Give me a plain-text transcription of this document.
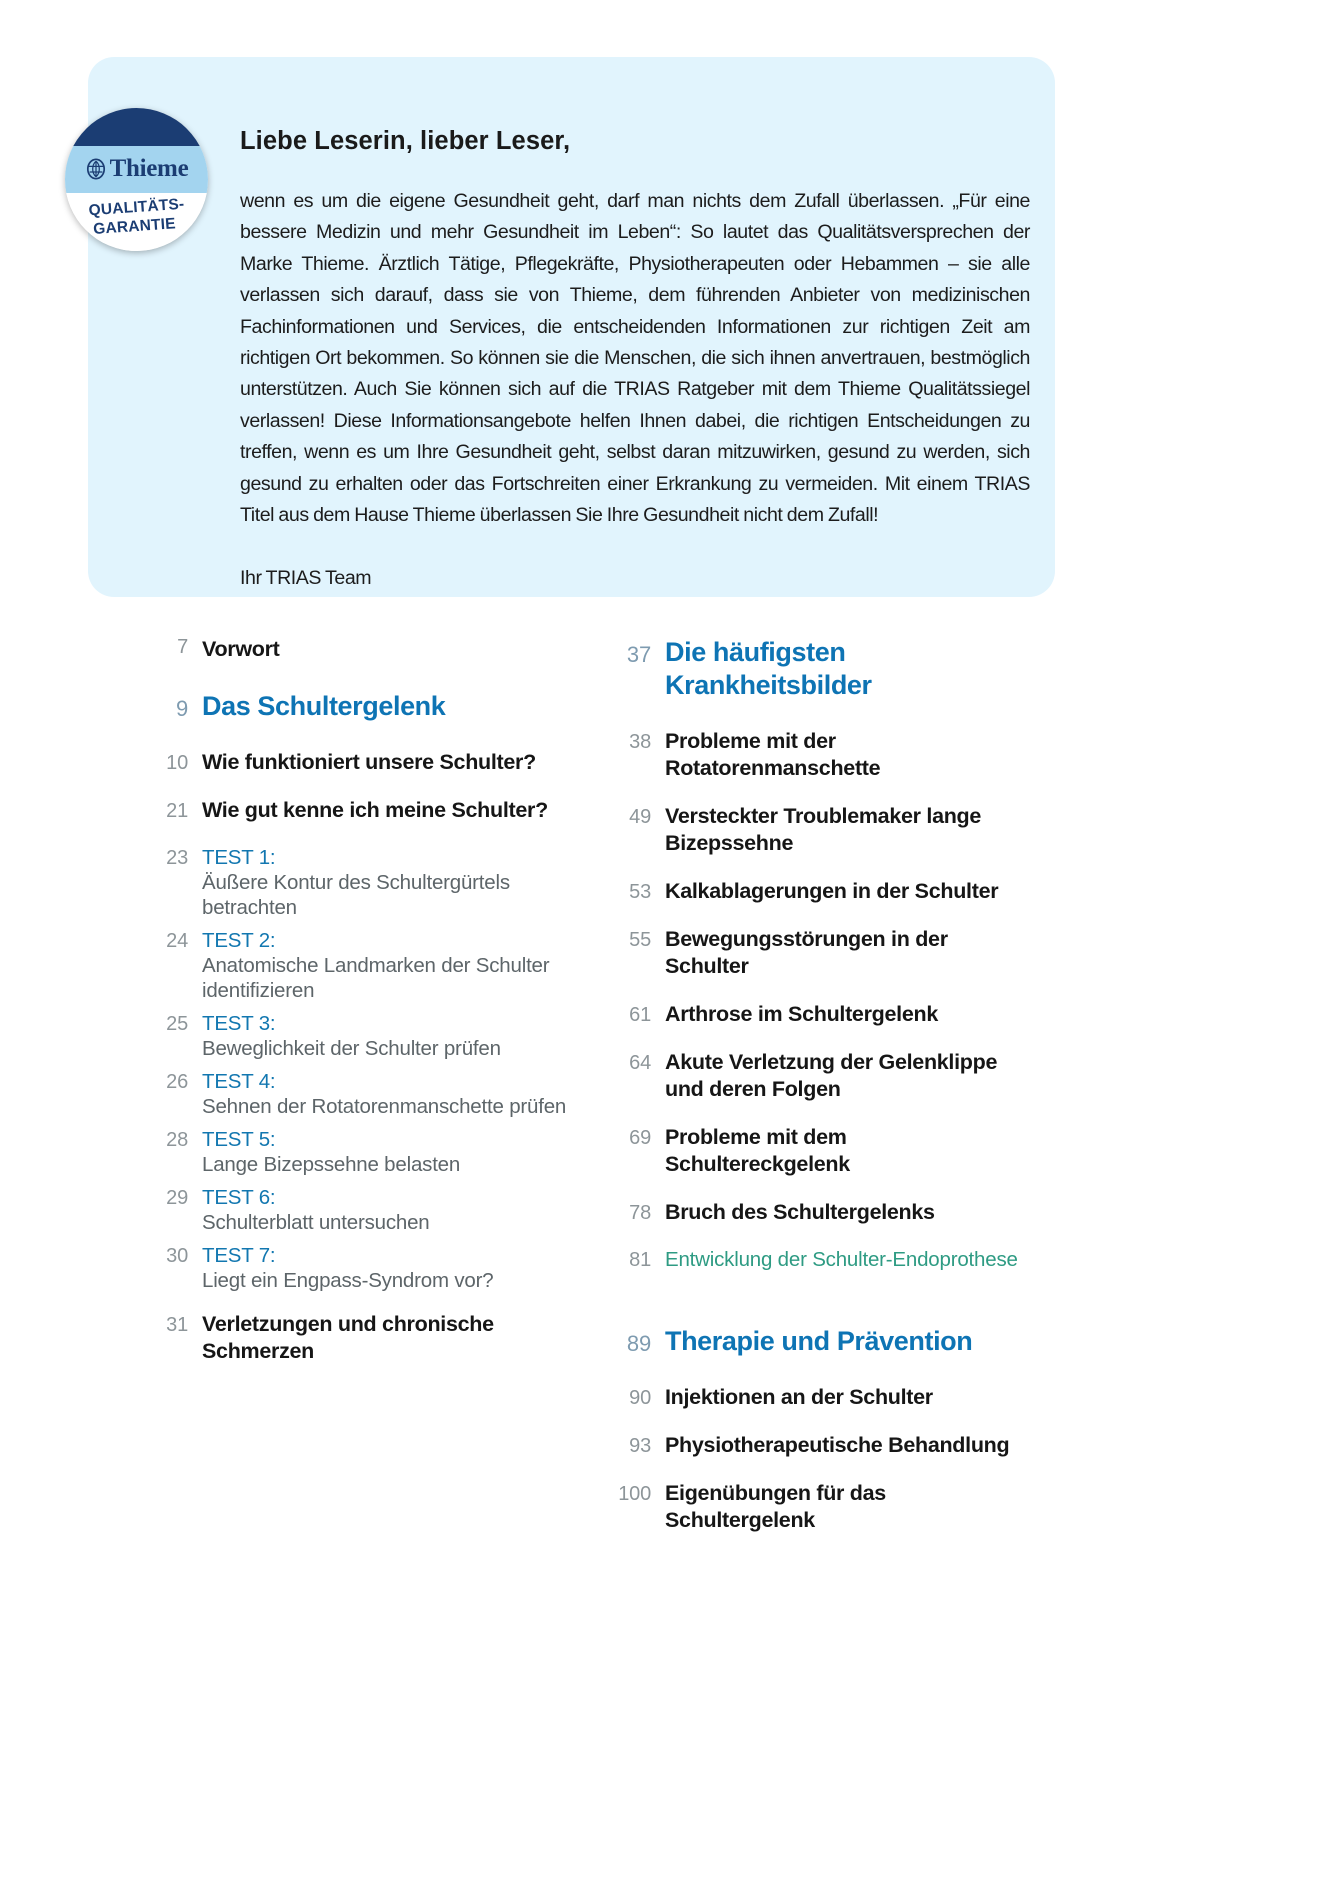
Liebe Leserin, lieber Leser,

wenn es um die eigene Gesundheit geht, darf man nichts dem Zufall überlassen. „Für eine bessere Medizin und mehr Gesundheit im Leben“: So lautet das Qualitätsversprechen der Marke Thieme. Ärztlich Tätige, Pflegekräfte, Physiotherapeuten oder Hebammen – sie alle verlassen sich darauf, dass sie von Thieme, dem führenden Anbieter von medizinischen Fachinformationen und Services, die entscheidenden Informationen zur richtigen Zeit am richtigen Ort bekommen. So können sie die Menschen, die sich ihnen anvertrauen, bestmöglich unterstützen. Auch Sie können sich auf die TRIAS Ratgeber mit dem Thieme Qualitätssiegel verlassen! Diese Informationsangebote helfen Ihnen dabei, die richtigen Entscheidungen zu treffen, wenn es um Ihre Gesundheit geht, selbst daran mitzuwirken, gesund zu werden, sich gesund zu erhalten oder das Fortschreiten einer Erkrankung zu vermeiden. Mit einem TRIAS Titel aus dem Hause Thieme überlassen Sie Ihre Gesundheit nicht dem Zufall!

Ihr TRIAS Team

Thieme
QUALITÄTS-
GARANTIE
7 Vorwort
9 Das Schultergelenk
10 Wie funktioniert unsere Schulter?
21 Wie gut kenne ich meine Schulter?
23 TEST 1:
Äußere Kontur des Schultergürtels betrachten
24 TEST 2:
Anatomische Landmarken der Schulter identifizieren
25 TEST 3:
Beweglichkeit der Schulter prüfen
26 TEST 4:
Sehnen der Rotatorenmanschette prüfen
28 TEST 5:
Lange Bizepssehne belasten
29 TEST 6:
Schulterblatt untersuchen
30 TEST 7:
Liegt ein Engpass-Syndrom vor?
31 Verletzungen und chronische Schmerzen
37 Die häufigsten Krankheitsbilder
38 Probleme mit der Rotatorenmanschette
49 Versteckter Troublemaker lange Bizepssehne
53 Kalkablagerungen in der Schulter
55 Bewegungsstörungen in der Schulter
61 Arthrose im Schultergelenk
64 Akute Verletzung der Gelenklippe und deren Folgen
69 Probleme mit dem Schultereckgelenk
78 Bruch des Schultergelenks
81 Entwicklung der Schulter-Endoprothese
89 Therapie und Prävention
90 Injektionen an der Schulter
93 Physiotherapeutische Behandlung
100 Eigenübungen für das Schultergelenk
